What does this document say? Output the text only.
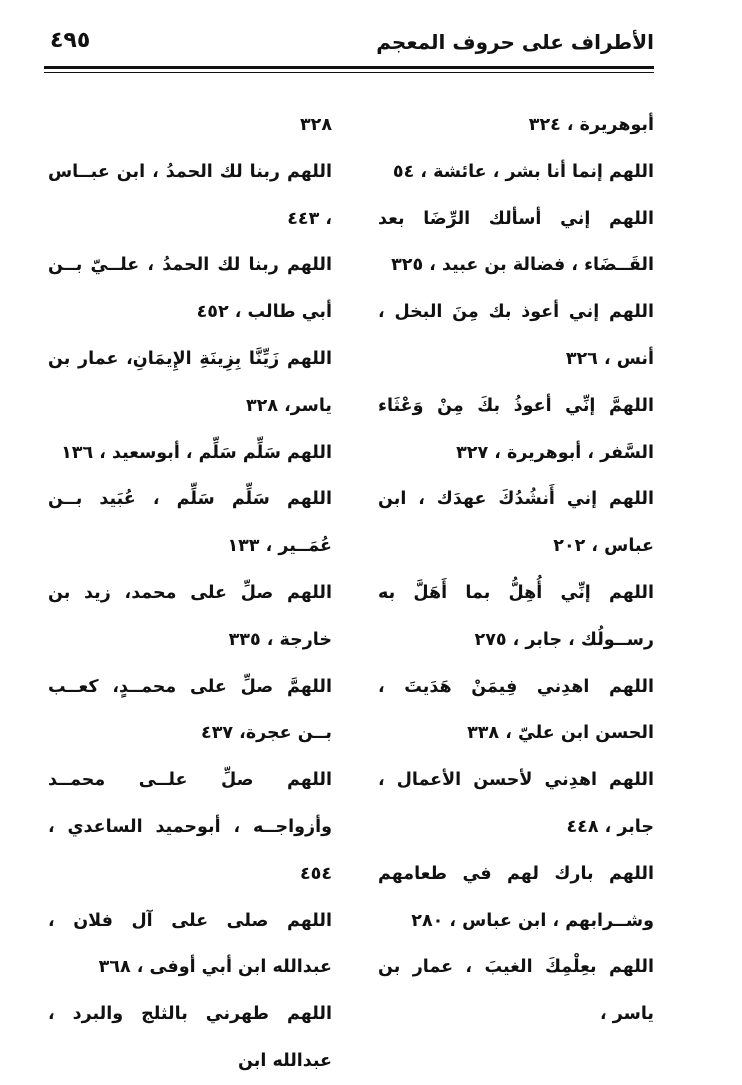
الأطراف على حروف المعجم
٤٩٥

أبوهريرة ، ٣٢٤

اللهم إنما أنا بشر ، عائشة ، ٥٤

اللهم إني أسألك الرِّضَا بعد القَــضَاء ، فضالة بن عبيد ، ٣٢٥

اللهم إني أعوذ بك مِنَ البخل ، أنس ، ٣٢٦

اللهمَّ إنِّي أعوذُ بكَ مِنْ وَعْثَاء السَّفر ، أبوهريرة ، ٣٢٧

اللهم إني أَنشُدُكَ عهدَك ، ابن عباس ، ٢٠٢

اللهم إنِّي أُهِلُّ بما أَهَلَّ به رســولُك ، جابر ، ٢٧٥

اللهم اهدِني فِيمَنْ هَدَيتَ ، الحسن ابن عليّ ، ٣٣٨

اللهم اهدِني لأحسن الأعمال ، جابر ، ٤٤٨

اللهم بارك لهم في طعامهم وشــرابهم ، ابن عباس ، ٢٨٠

اللهم بعِلْمِكَ الغيبَ ، عمار بن ياسر ،

٣٢٨

اللهم ربنا لك الحمدُ ، ابن عبــاس ، ٤٤٣

اللهم ربنا لك الحمدُ ، علــيّ بــن أبي طالب ، ٤٥٢

اللهم زَيِّنَّا بِزِينَةِ الإِيمَانِ، عمار بن ياسر، ٣٢٨

اللهم سَلِّم سَلِّم ، أبوسعيد ، ١٣٦

اللهم سَلِّم سَلِّم ، عُبَيد بــن عُمَــير ، ١٣٣

اللهم صلِّ على محمد، زيد بن خارجة ، ٣٣٥

اللهمَّ صلِّ على محمــدٍ، كعــب بــن عجرة، ٤٣٧

اللهم صلِّ علــى محمــد وأزواجــه ، أبوحميد الساعدي ، ٤٥٤

اللهم صلى على آل فلان ، عبدالله ابن أبي أوفى ، ٣٦٨

اللهم طهرني بالثلج والبرد ، عبدالله ابن
